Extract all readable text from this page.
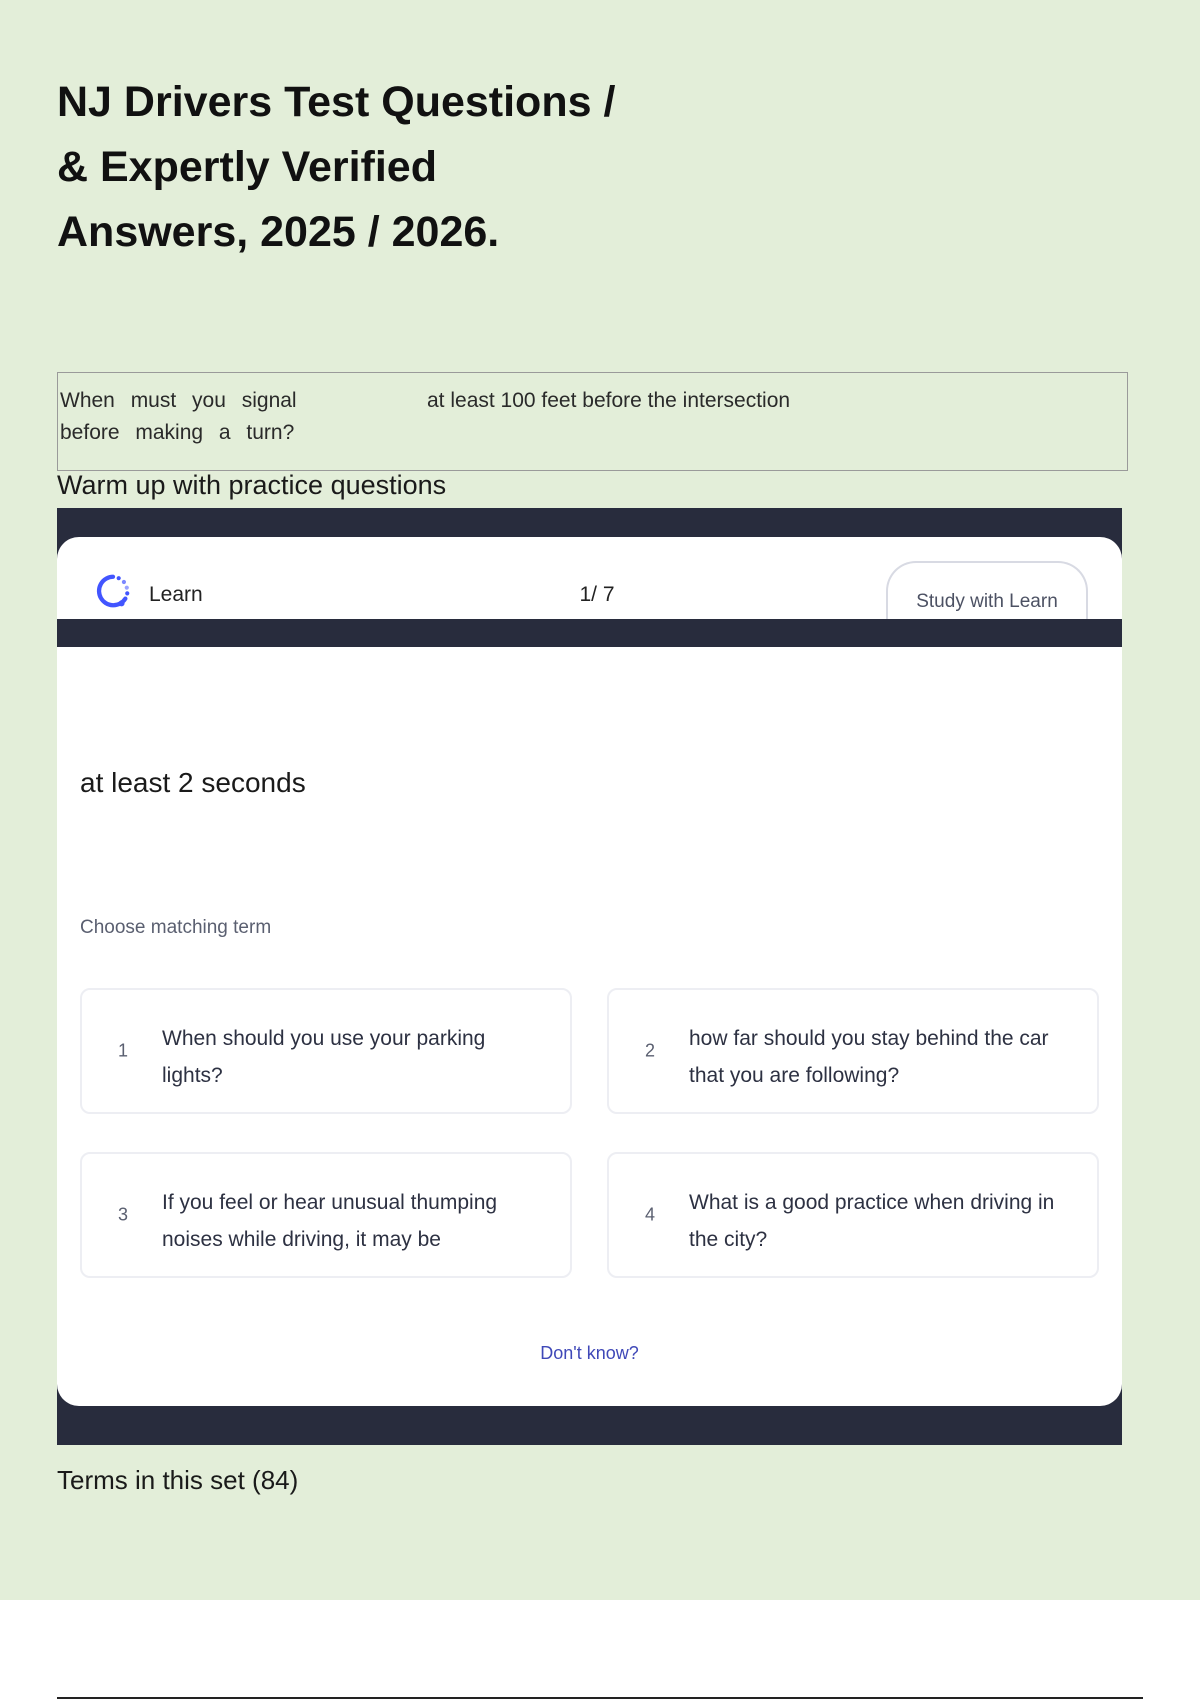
NJ Drivers Test Questions /
& Expertly Verified
Answers, 2025 / 2026.
When must you signal before making a turn?
at least 100 feet before the intersection
Warm up with practice questions
Learn	1/ 7	Study with Learn
at least 2 seconds
Choose matching term
1
When should you use your parking lights?
2
how far should you stay behind the car that you are following?
3
If you feel or hear unusual thumping noises while driving, it may be
4
What is a good practice when driving in the city?
Don't know?
Terms in this set (84)
